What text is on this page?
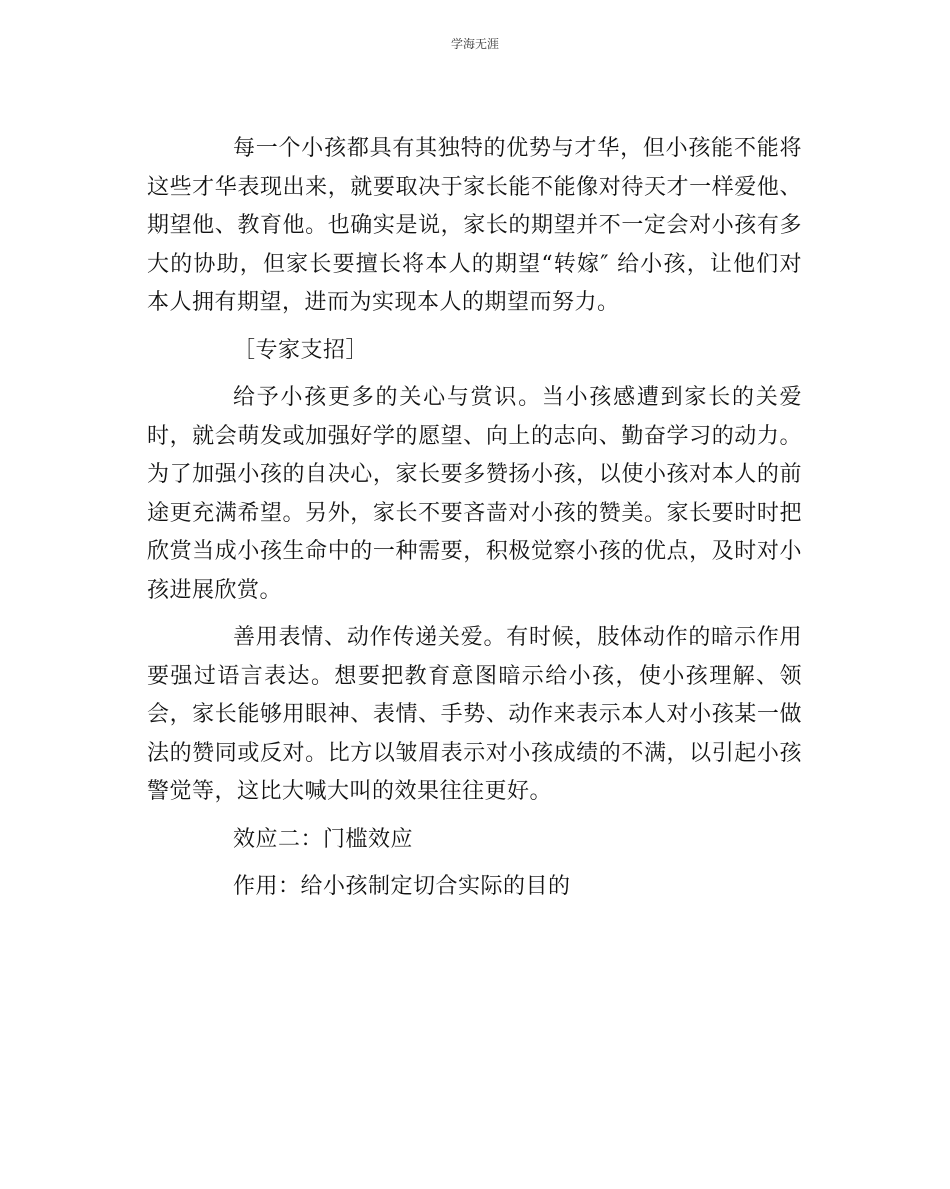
学海无涯

每一个小孩都具有其独特的优势与才华，但小孩能不能将这些才华表现出来，就要取决于家长能不能像对待天才一样爱他、期望他、教育他。也确实是说，家长的期望并不一定会对小孩有多大的协助，但家长要擅长将本人的期望“转嫁″ 给小孩，让他们对本人拥有期望，进而为实现本人的期望而努力。

［专家支招］

给予小孩更多的关心与赏识。当小孩感遭到家长的关爱时，就会萌发或加强好学的愿望、向上的志向、勤奋学习的动力。为了加强小孩的自决心，家长要多赞扬小孩，以使小孩对本人的前途更充满希望。另外，家长不要吝啬对小孩的赞美。家长要时时把欣赏当成小孩生命中的一种需要，积极觉察小孩的优点，及时对小孩进展欣赏。

善用表情、动作传递关爱。有时候，肢体动作的暗示作用要强过语言表达。想要把教育意图暗示给小孩，使小孩理解、领会，家长能够用眼神、表情、手势、动作来表示本人对小孩某一做法的赞同或反对。比方以皱眉表示对小孩成绩的不满，以引起小孩警觉等，这比大喊大叫的效果往往更好。

效应二：门槛效应

作用：给小孩制定切合实际的目的
